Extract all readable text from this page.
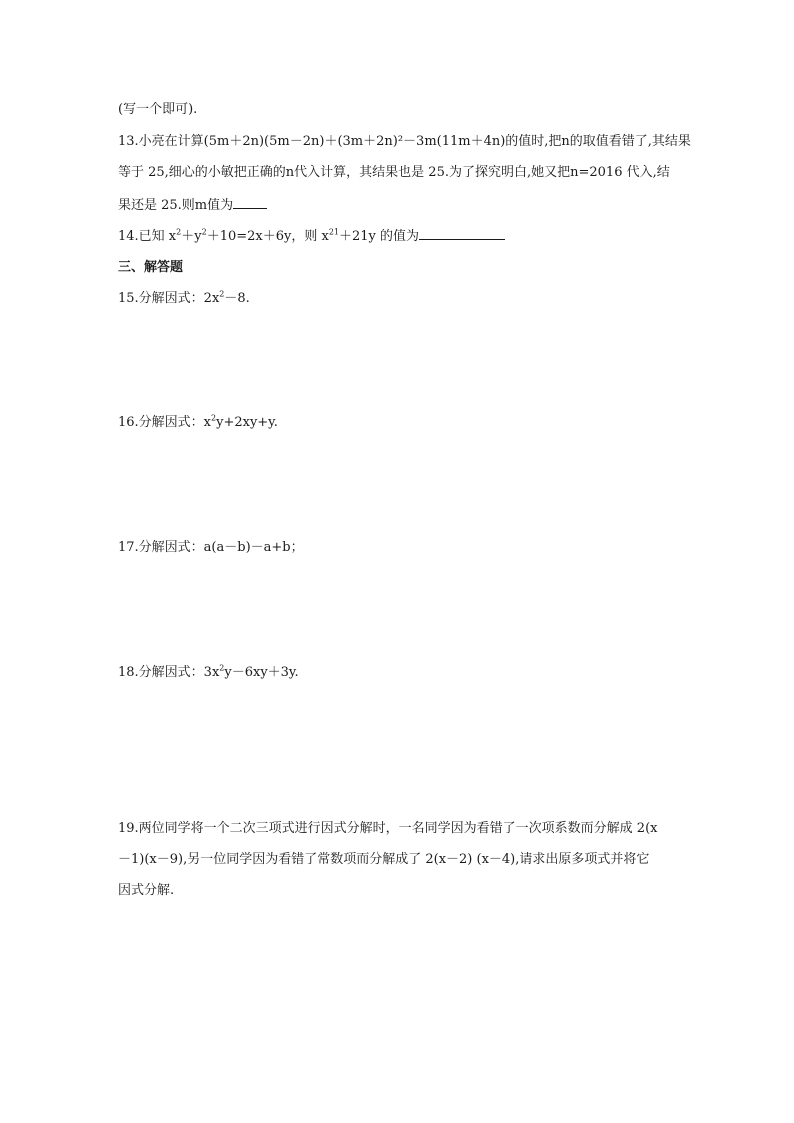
(写一个即可).
13.小亮在计算(5m＋2n)(5m－2n)＋(3m＋2n)²－3m(11m＋4n)的值时,把n的取值看错了,其结果
等于 25,细心的小敏把正确的n代入计算，其结果也是 25.为了探究明白,她又把n=2016 代入,结
果还是 25.则m值为
14.已知 $x^2+y^2+10=2x+6y$，则 $x^{21}+21y$ 的值为
三、解答题
15.分解因式：$2x^2-8$.
16.分解因式：$x^2y+2xy+y$.
17.分解因式：a(a－b)－a+b；
18.分解因式：$3x^2y-6xy+3y$.
19.两位同学将一个二次三项式进行因式分解时，一名同学因为看错了一次项系数而分解成 2(x
－1)(x－9),另一位同学因为看错了常数项而分解成了 2(x－2) (x－4),请求出原多项式并将它
因式分解.
